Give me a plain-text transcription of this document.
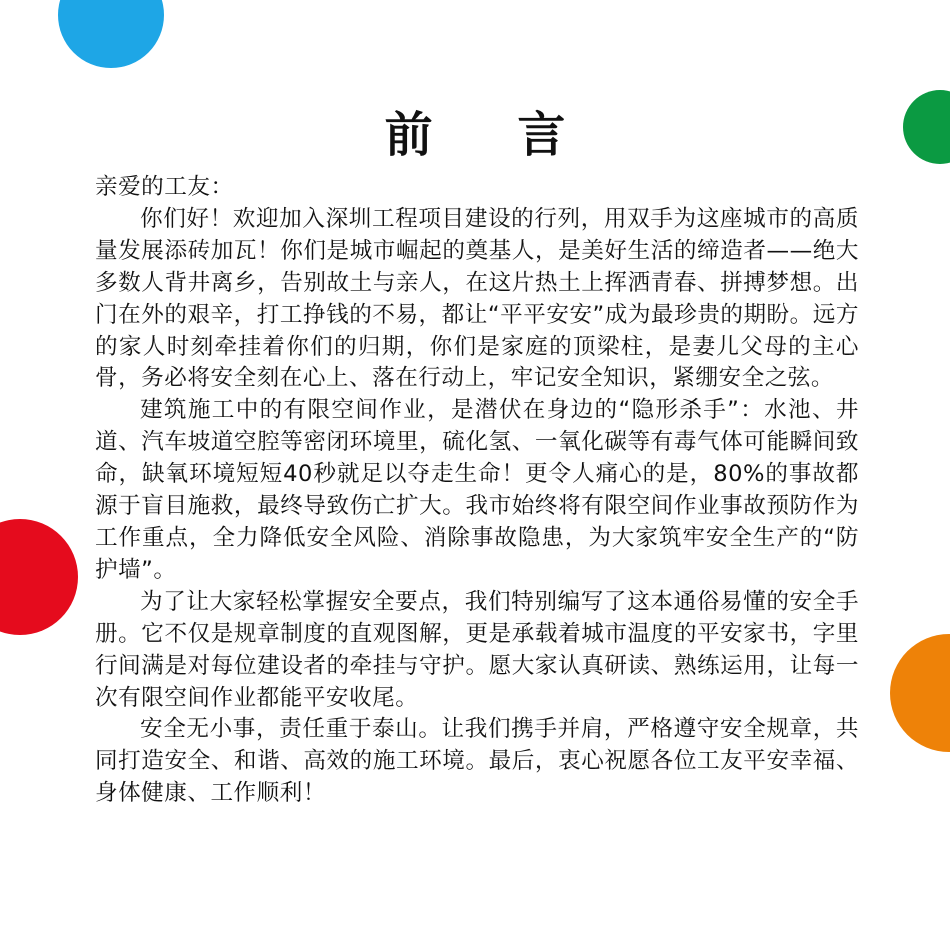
前 言

亲爱的工友：

你们好！欢迎加入深圳工程项目建设的行列，用双手为这座城市的高质量发展添砖加瓦！你们是城市崛起的奠基人，是美好生活的缔造者——绝大多数人背井离乡，告别故土与亲人，在这片热土上挥洒青春、拼搏梦想。出门在外的艰辛，打工挣钱的不易，都让“平平安安”成为最珍贵的期盼。远方的家人时刻牵挂着你们的归期，你们是家庭的顶梁柱，是妻儿父母的主心骨，务必将安全刻在心上、落在行动上，牢记安全知识，紧绷安全之弦。

建筑施工中的有限空间作业，是潜伏在身边的“隐形杀手”：水池、井道、汽车坡道空腔等密闭环境里，硫化氢、一氧化碳等有毒气体可能瞬间致命，缺氧环境短短40秒就足以夺走生命！更令人痛心的是，80%的事故都源于盲目施救，最终导致伤亡扩大。我市始终将有限空间作业事故预防作为工作重点，全力降低安全风险、消除事故隐患，为大家筑牢安全生产的“防护墙”。

为了让大家轻松掌握安全要点，我们特别编写了这本通俗易懂的安全手册。它不仅是规章制度的直观图解，更是承载着城市温度的平安家书，字里行间满是对每位建设者的牵挂与守护。愿大家认真研读、熟练运用，让每一次有限空间作业都能平安收尾。

安全无小事，责任重于泰山。让我们携手并肩，严格遵守安全规章，共同打造安全、和谐、高效的施工环境。最后，衷心祝愿各位工友平安幸福、身体健康、工作顺利！
